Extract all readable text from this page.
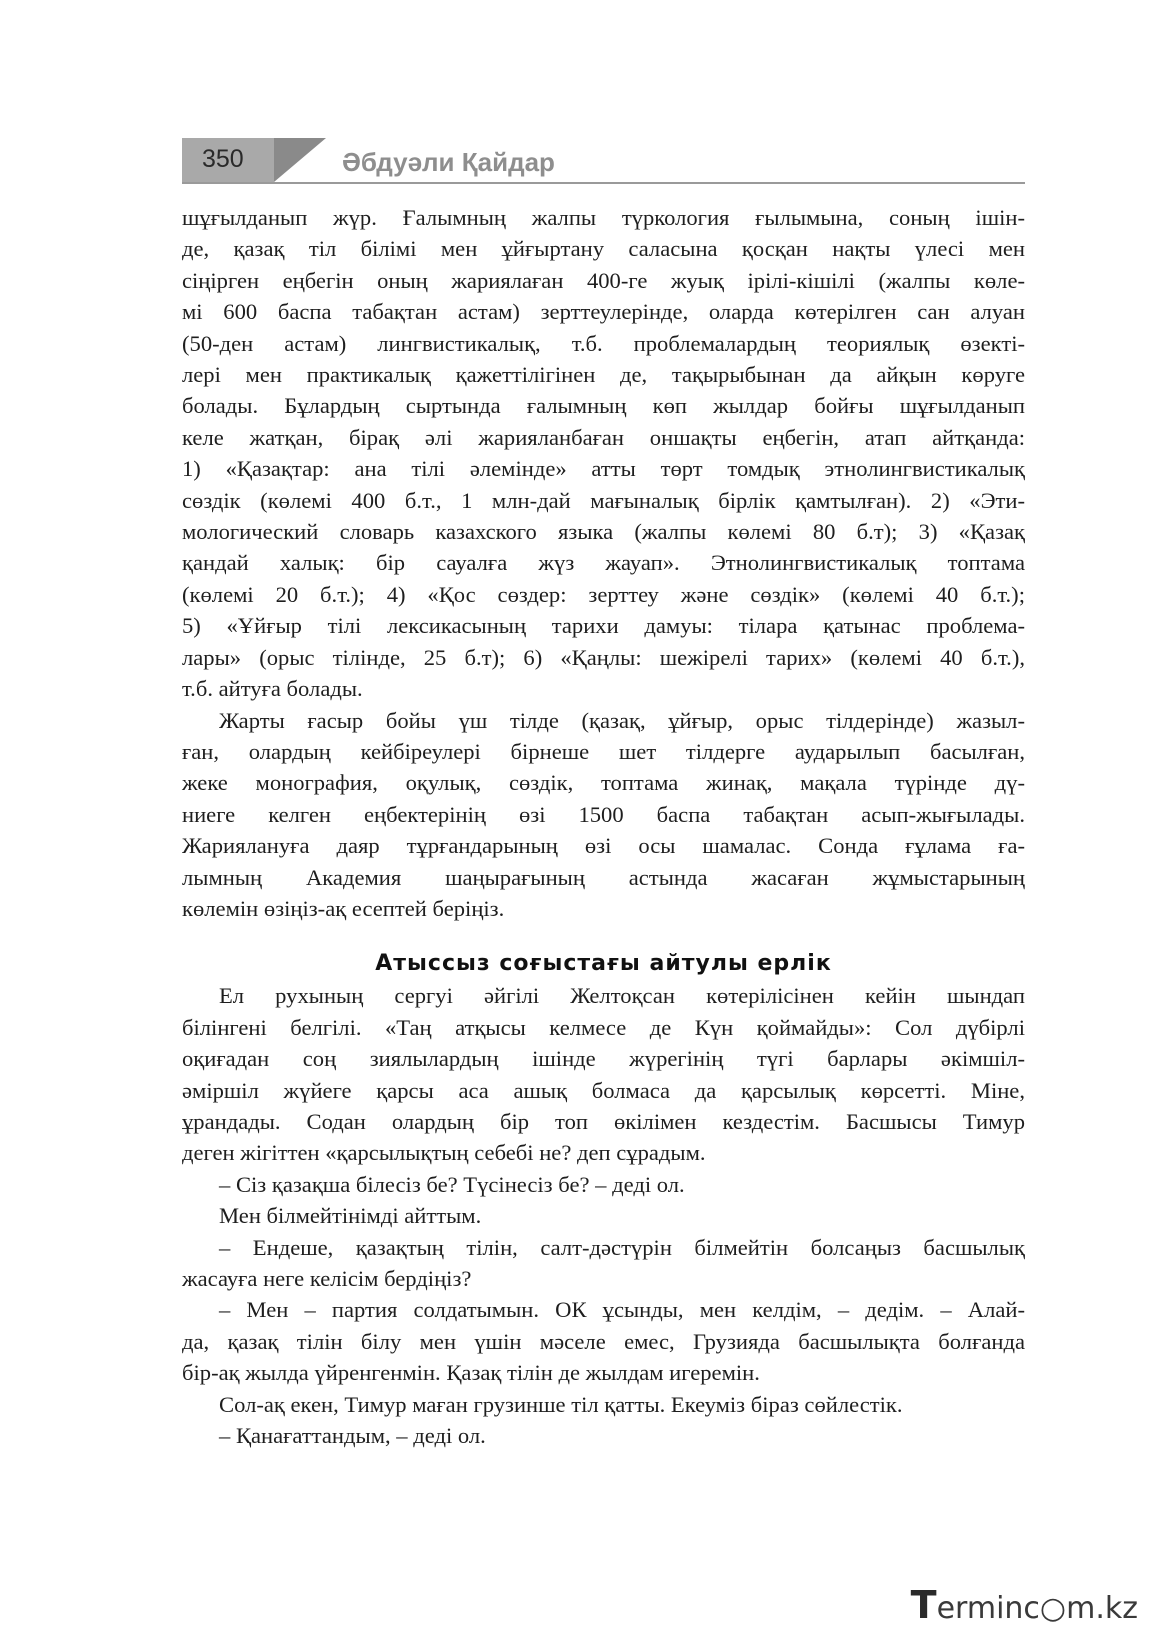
350	Әбдуәли Қайдар

шұғылданып жүр. Ғалымның жалпы түркология ғылымына, соның ішін-

де, қазақ тіл білімі мен ұйғыртану саласына қосқан нақты үлесі мен

сіңірген еңбегін оның жариялаған 400-ге жуық ірілі-кішілі (жалпы көле-

мі 600 баспа табақтан астам) зерттеулерінде, оларда көтерілген сан алуан

(50-ден астам) лингвистикалық, т.б. проблемалардың теориялық өзекті-

лері мен практикалық қажеттілігінен де, тақырыбынан да айқын көруге

болады. Бұлардың сыртында ғалымның көп жылдар бойғы шұғылданып

келе жатқан, бірақ әлі жарияланбаған оншақты еңбегін, атап айтқанда:

1) «Қазақтар: ана тілі әлемінде» атты төрт томдық этнолингвистикалық

сөздік (көлемі 400 б.т., 1 млн-дай мағыналық бірлік қамтылған). 2) «Эти-

мологический словарь казахского языка (жалпы көлемі 80 б.т); 3) «Қазақ

қандай халық: бір сауалға жүз жауап». Этнолингвистикалық топтама

(көлемі 20 б.т.); 4) «Қос сөздер: зерттеу және сөздік» (көлемі 40 б.т.);

5) «Ұйғыр тілі лексикасының тарихи дамуы: тілара қатынас проблема-

лары» (орыс тілінде, 25 б.т); 6) «Қаңлы: шежірелі тарих» (көлемі 40 б.т.),

т.б. айтуға болады.

Жарты ғасыр бойы үш тілде (қазақ, ұйғыр, орыс тілдерінде) жазыл-

ған, олардың кейбіреулері бірнеше шет тілдерге аударылып басылған,

жеке монография, оқулық, сөздік, топтама жинақ, мақала түрінде дү-

ниеге келген еңбектерінің өзі 1500 баспа табақтан асып-жығылады.

Жариялануға даяр тұрғандарының өзі осы шамалас. Сонда ғұлама ға-

лымның Академия шаңырағының астында жасаған жұмыстарының

көлемін өзіңіз-ақ есептей беріңіз.

Атыссыз соғыстағы айтулы ерлік

Ел рухының сергуі әйгілі Желтоқсан көтерілісінен кейін шындап

білінгені белгілі. «Таң атқысы келмесе де Күн қоймайды»: Сол дүбірлі

оқиғадан соң зиялылардың ішінде жүрегінің түгі барлары әкімшіл-

әміршіл жүйеге қарсы аса ашық болмаса да қарсылық көрсетті. Міне,

ұрандады. Содан олардың бір топ өкілімен кездестім. Басшысы Тимур

деген жігіттен «қарсылықтың себебі не? деп сұрадым.

– Сіз қазақша білесіз бе? Түсінесіз бе? – деді ол.

Мен білмейтінімді айттым.

– Ендеше, қазақтың тілін, салт-дәстүрін білмейтін болсаңыз басшылық

жасауға неге келісім бердіңіз?

– Мен – партия солдатымын. ОК ұсынды, мен келдім, – дедім. – Алай-

да, қазақ тілін білу мен үшін мәселе емес, Грузияда басшылықта болғанда

бір-ақ жылда үйренгенмін. Қазақ тілін де жылдам игеремін.

Сол-ақ екен, Тимур маған грузинше тіл қатты. Екеуміз біраз сөйлестік.

– Қанағаттандым, – деді ол.

Terminc○m.kz
